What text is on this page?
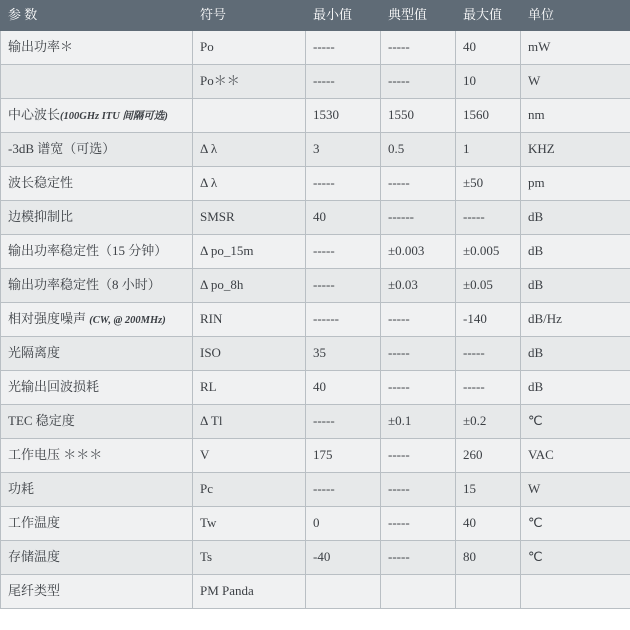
参 数	符号	最小值	典型值	最大值	单位
输出功率＊	Po	-----	-----	40	mW
	Po＊＊	-----	-----	10	W
中心波长(100GHz ITU 间隔可选)		1530	1550	1560	nm
-3dB 谱宽（可选）	Δ λ	3	0.5	1	KHZ
波长稳定性	Δ λ	-----	-----	±50	pm
边模抑制比	SMSR	40	------	-----	dB
输出功率稳定性（15 分钟）	Δ po_15m	-----	±0.003	±0.005	dB
输出功率稳定性（8 小时）	Δ po_8h	-----	±0.03	±0.05	dB
相对强度噪声 (CW, @ 200MHz)	RIN	------	-----	-140	dB/Hz
光隔离度	ISO	35	-----	-----	dB
光输出回波损耗	RL	40	-----	-----	dB
TEC 稳定度	Δ Tl	-----	±0.1	±0.2	℃
工作电压 ＊＊＊	V	175	-----	260	VAC
功耗	Pc	-----	-----	15	W
工作温度	Tw	0	-----	40	℃
存储温度	Ts	-40	-----	80	℃
尾纤类型	PM Panda				
